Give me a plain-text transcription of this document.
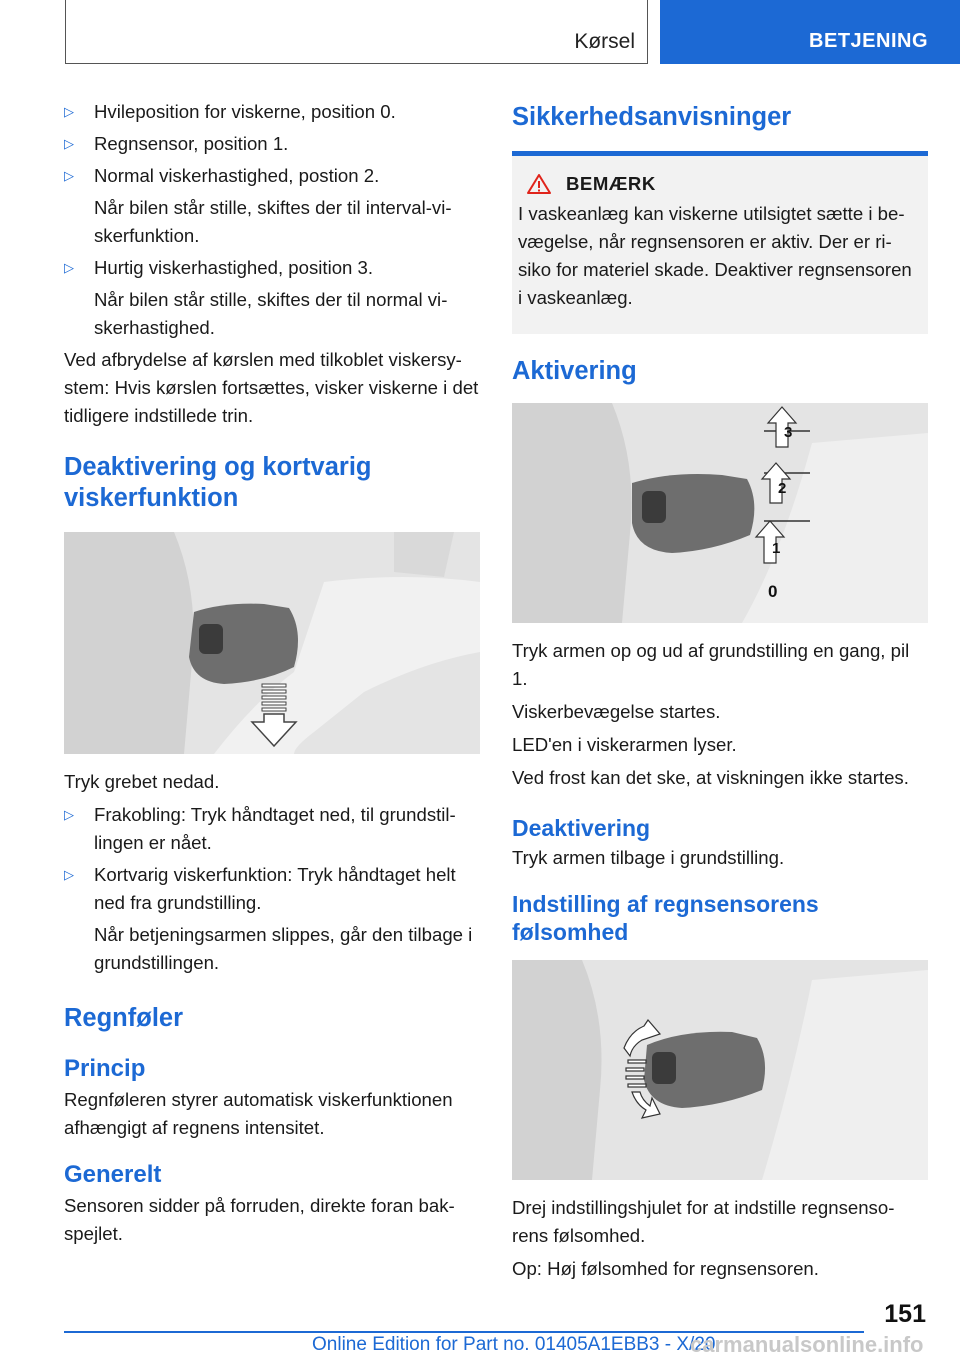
Kørsel	BETJENING
▷ Hvileposition for viskerne, position 0.
▷ Regnsensor, position 1.
▷ Normal viskerhastighed, postion 2.
Når bilen står stille, skiftes der til interval-vi-skerfunktion.
▷ Hurtig viskerhastighed, position 3.
Når bilen står stille, skiftes der til normal vi-skerhastighed.

Ved afbrydelse af kørslen med tilkoblet viskersy-stem: Hvis kørslen fortsættes, visker viskerne i det tidligere indstillede trin.

Deaktivering og kortvarig viskerfunktion

Tryk grebet nedad.

▷ Frakobling: Tryk håndtaget ned, til grundstil-lingen er nået.
▷ Kortvarig viskerfunktion: Tryk håndtaget helt ned fra grundstilling.
Når betjeningsarmen slippes, går den tilbage i grundstillingen.
Regnføler
Princip

Regnføleren styrer automatisk viskerfunktionen afhængigt af regnens intensitet.

Generelt

Sensoren sidder på forruden, direkte foran bak-spejlet.

Sikkerhedsanvisninger
BEMÆRK
I vaskeanlæg kan viskerne utilsigtet sætte i be-vægelse, når regnsensoren er aktiv. Der er ri-siko for materiel skade. Deaktiver regnsensoren i vaskeanlæg.
Aktivering
3
2
1
0

Tryk armen op og ud af grundstilling en gang, pil 1.

Viskerbevægelse startes.

LED'en i viskerarmen lyser.

Ved frost kan det ske, at viskningen ikke startes.

Deaktivering

Tryk armen tilbage i grundstilling.

Indstilling af regnsensorens følsomhed

Drej indstillingshjulet for at indstille regnsenso-rens følsomhed.

Op: Høj følsomhed for regnsensoren.

151
Online Edition for Part no. 01405A1EBB3 - X/20
carmanualsonline.info
